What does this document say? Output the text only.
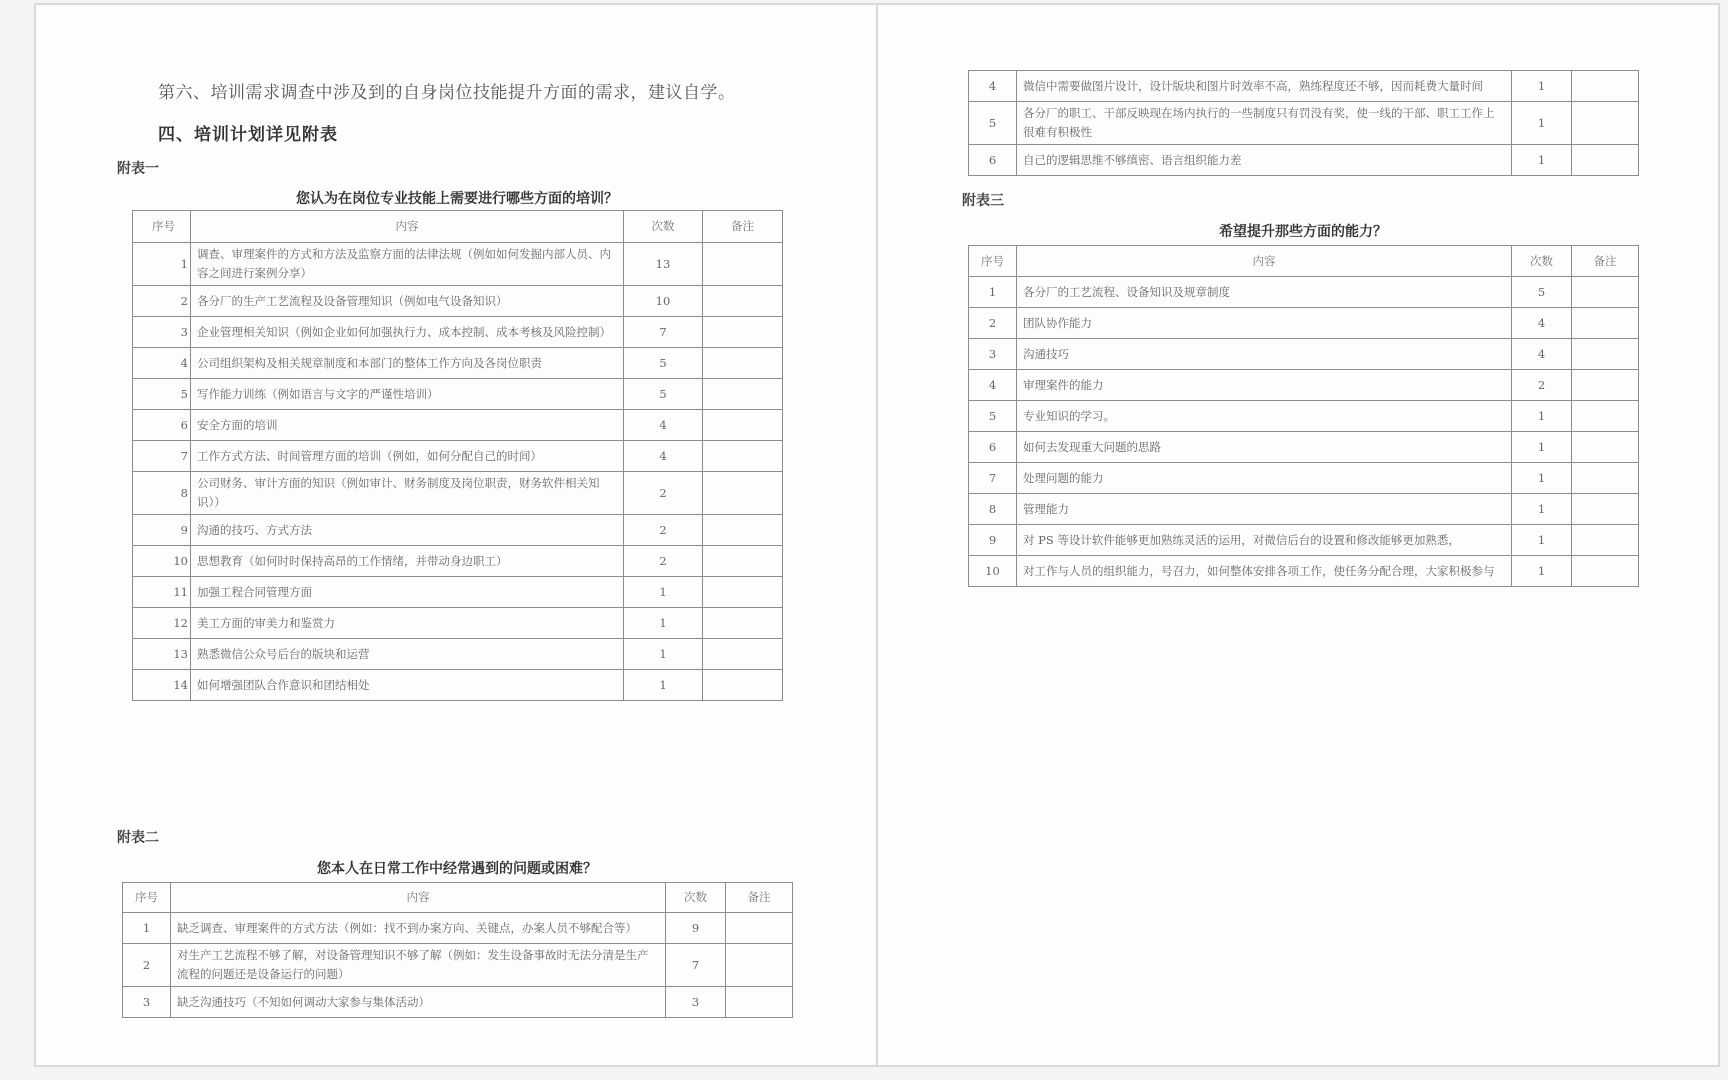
第六、培训需求调查中涉及到的自身岗位技能提升方面的需求，建议自学。
四、培训计划详见附表
附表一
您认为在岗位专业技能上需要进行哪些方面的培训？
序号	内容	次数	备注
1	调查、审理案件的方式和方法及监察方面的法律法规（例如如何发掘内部人员、内容之间进行案例分享）	13	
2	各分厂的生产工艺流程及设备管理知识（例如电气设备知识）	10	
3	企业管理相关知识（例如企业如何加强执行力、成本控制、成本考核及风险控制）	7	
4	公司组织架构及相关规章制度和本部门的整体工作方向及各岗位职责	5	
5	写作能力训练（例如语言与文字的严谨性培训）	5	
6	安全方面的培训	4	
7	工作方式方法、时间管理方面的培训（例如，如何分配自己的时间）	4	
8	公司财务、审计方面的知识（例如审计、财务制度及岗位职责，财务软件相关知识））	2	
9	沟通的技巧、方式方法	2	
10	思想教育（如何时时保持高昂的工作情绪，并带动身边职工）	2	
11	加强工程合同管理方面	1	
12	美工方面的审美力和鉴赏力	1	
13	熟悉微信公众号后台的版块和运营	1	
14	如何增强团队合作意识和团结相处	1	
附表二
您本人在日常工作中经常遇到的问题或困难？
序号	内容	次数	备注
1	缺乏调查、审理案件的方式方法（例如：找不到办案方向、关键点，办案人员不够配合等）	9	
2	对生产工艺流程不够了解，对设备管理知识不够了解（例如：发生设备事故时无法分清是生产流程的问题还是设备运行的问题）	7	
3	缺乏沟通技巧（不知如何调动大家参与集体活动）	3	
4	微信中需要做图片设计，设计版块和图片时效率不高，熟练程度还不够，因而耗费大量时间	1	
5	各分厂的职工、干部反映现在场内执行的一些制度只有罚没有奖，使一线的干部、职工工作上很难有积极性	1	
6	自己的逻辑思维不够缜密、语言组织能力差	1	
附表三
希望提升那些方面的能力？
序号	内容	次数	备注
1	各分厂的工艺流程、设备知识及规章制度	5	
2	团队协作能力	4	
3	沟通技巧	4	
4	审理案件的能力	2	
5	专业知识的学习。	1	
6	如何去发现重大问题的思路	1	
7	处理问题的能力	1	
8	管理能力	1	
9	对 PS 等设计软件能够更加熟练灵活的运用，对微信后台的设置和修改能够更加熟悉，	1	
10	对工作与人员的组织能力，号召力，如何整体安排各项工作，使任务分配合理，大家积极参与	1	
